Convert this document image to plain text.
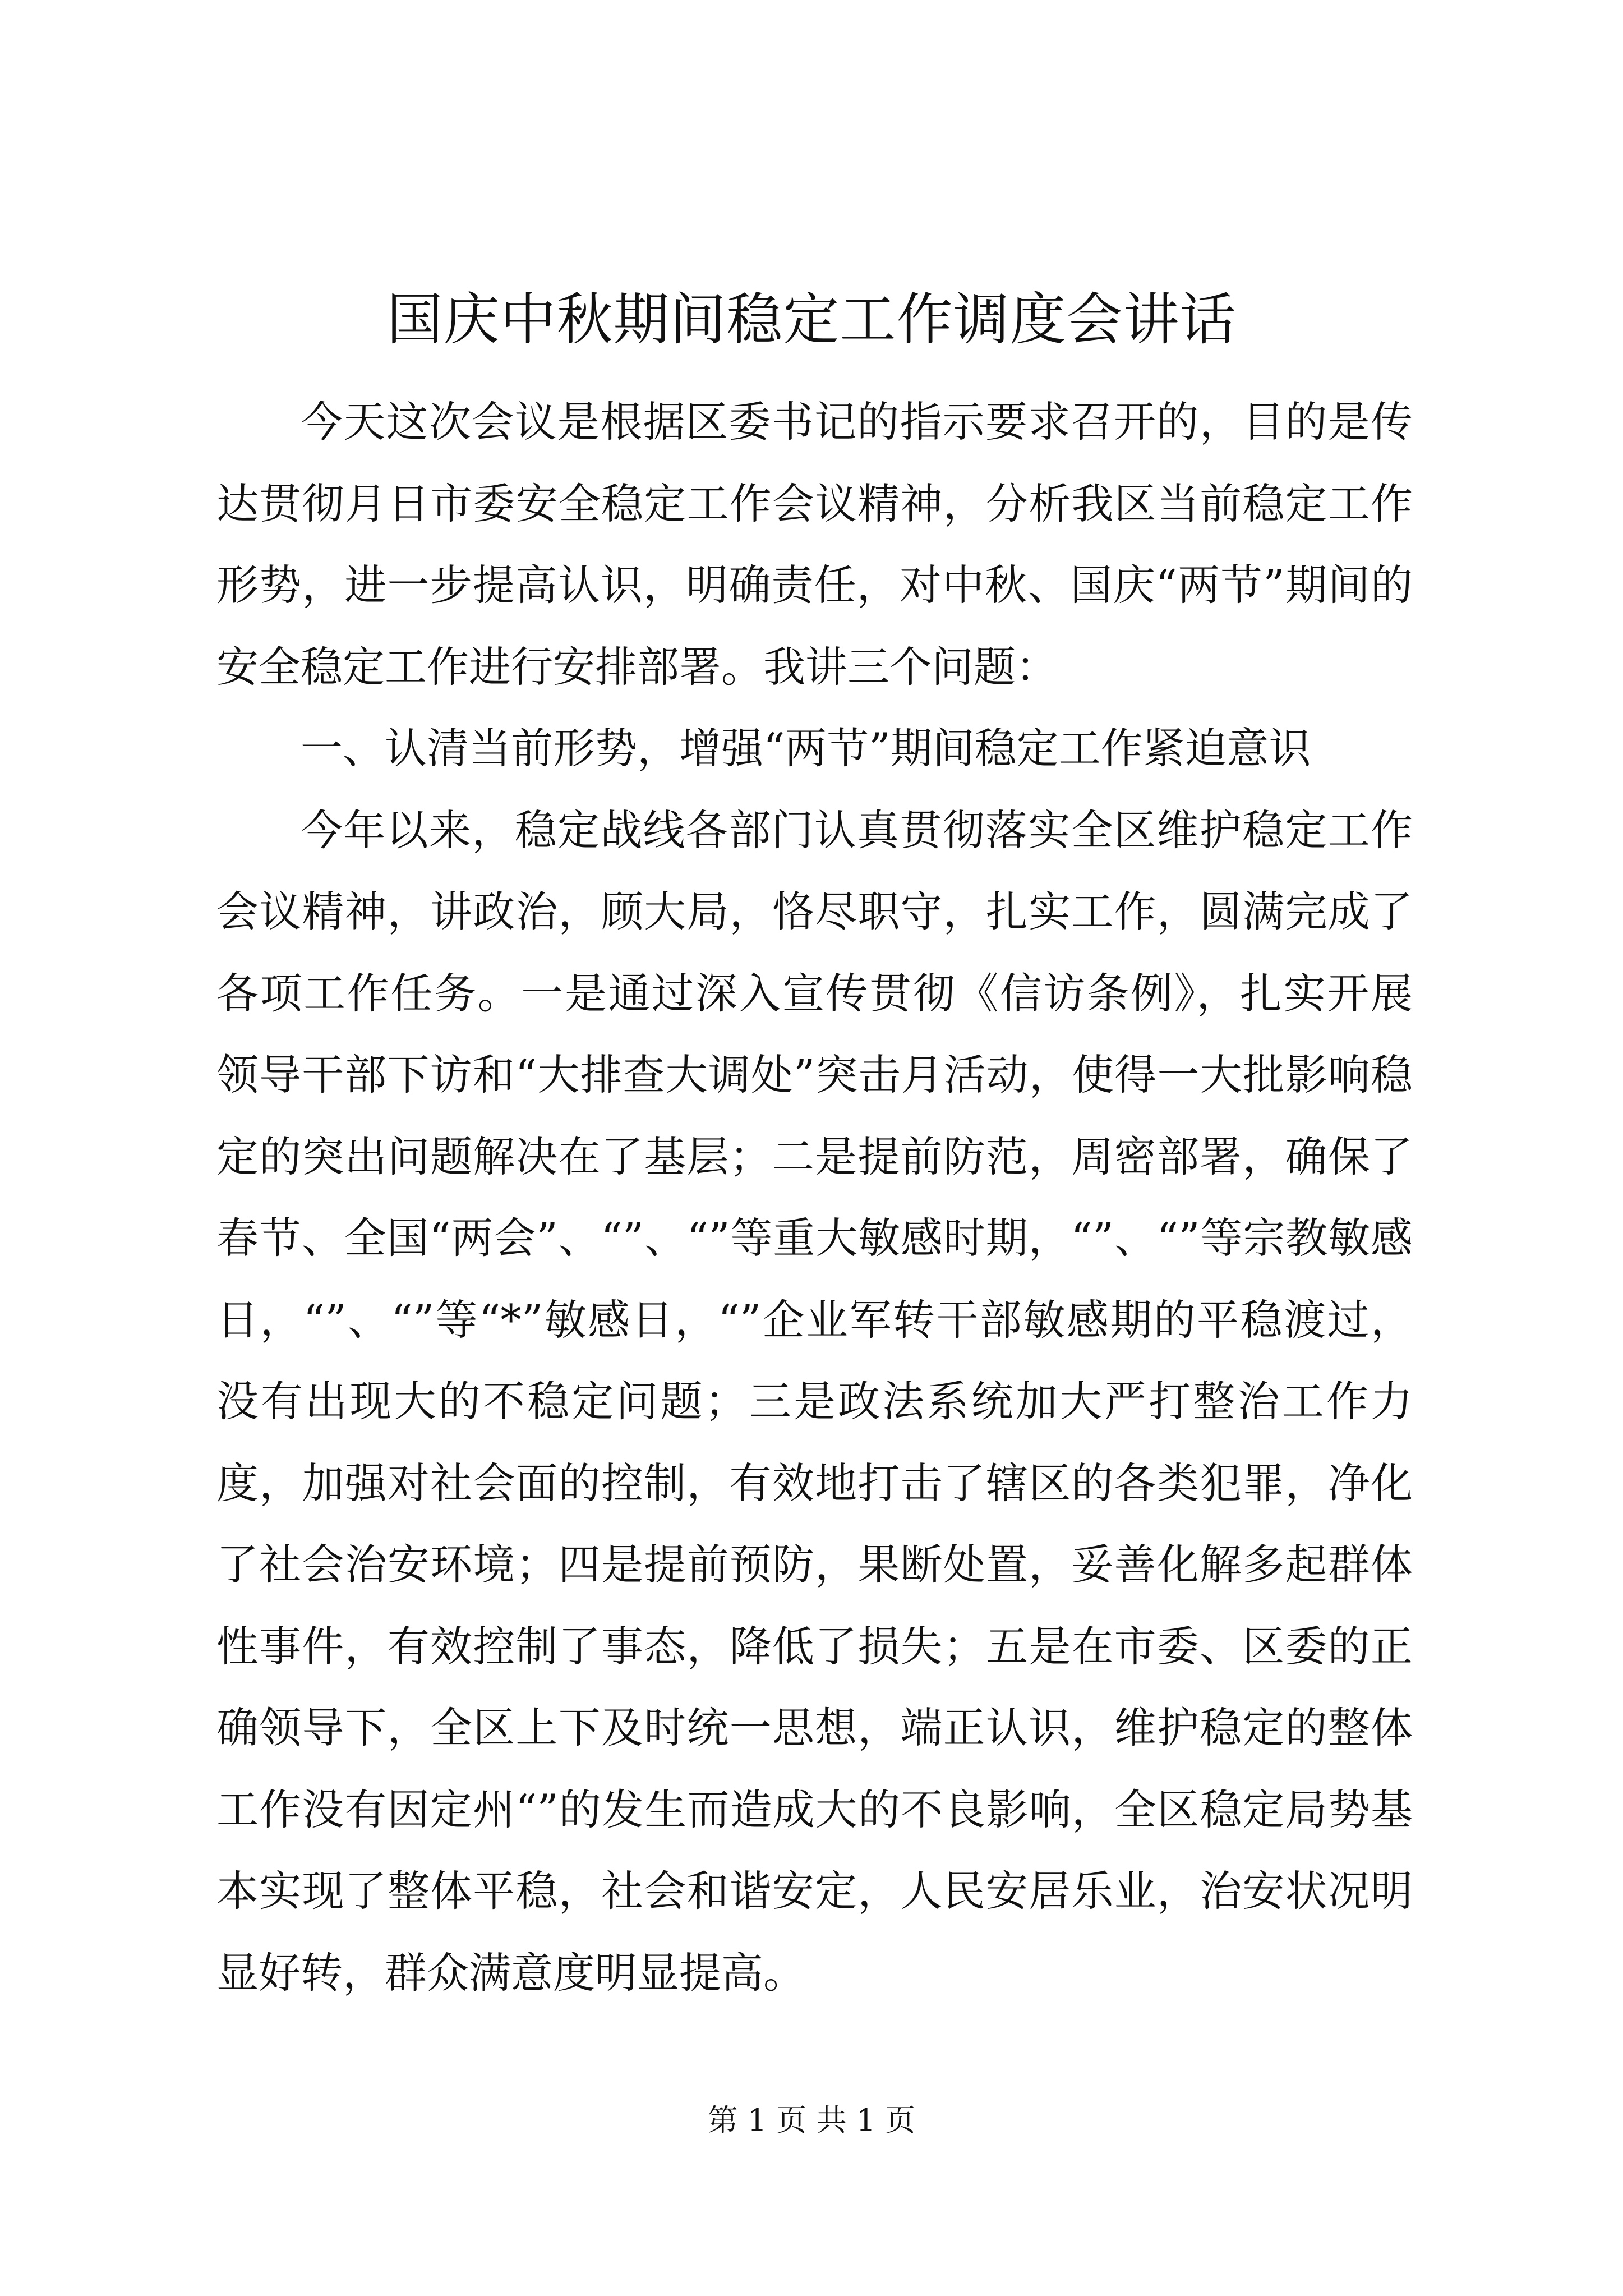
国庆中秋期间稳定工作调度会讲话

今天这次会议是根据区委书记的指示要求召开的，目的是传达贯彻月日市委安全稳定工作会议精神，分析我区当前稳定工作形势，进一步提高认识，明确责任，对中秋、国庆“两节”期间的安全稳定工作进行安排部署。我讲三个问题：

一、认清当前形势，增强“两节”期间稳定工作紧迫意识

今年以来，稳定战线各部门认真贯彻落实全区维护稳定工作会议精神，讲政治，顾大局，恪尽职守，扎实工作，圆满完成了各项工作任务。一是通过深入宣传贯彻《信访条例》，扎实开展领导干部下访和“大排查大调处”突击月活动，使得一大批影响稳定的突出问题解决在了基层；二是提前防范，周密部署，确保了春节、全国“两会”、“”、“”等重大敏感时期，“”、“”等宗教敏感日，“”、“”等“*”敏感日，“”企业军转干部敏感期的平稳渡过，没有出现大的不稳定问题；三是政法系统加大严打整治工作力度，加强对社会面的控制，有效地打击了辖区的各类犯罪，净化了社会治安环境；四是提前预防，果断处置，妥善化解多起群体性事件，有效控制了事态，降低了损失；五是在市委、区委的正确领导下，全区上下及时统一思想，端正认识，维护稳定的整体工作没有因定州“”的发生而造成大的不良影响，全区稳定局势基本实现了整体平稳，社会和谐安定，人民安居乐业，治安状况明显好转，群众满意度明显提高。

第 1 页 共 1 页
